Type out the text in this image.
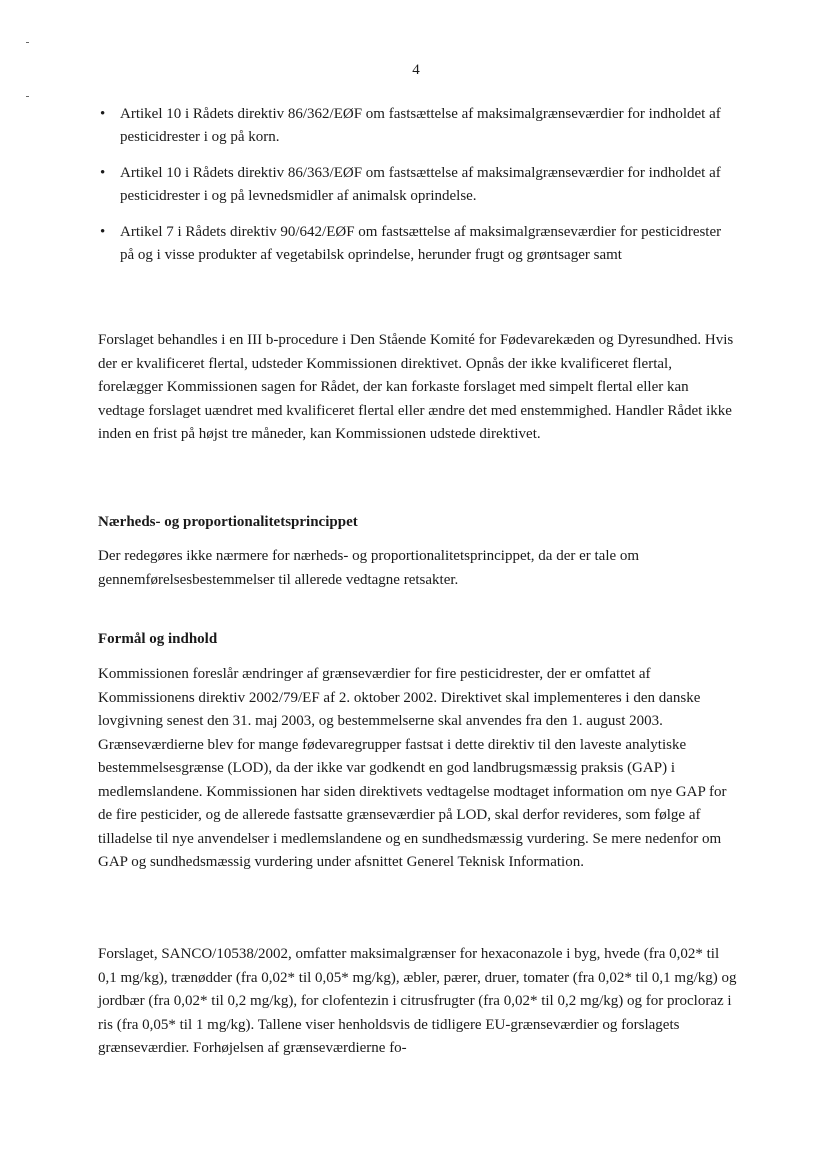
4
• Artikel 10 i Rådets direktiv 86/362/EØF om fastsættelse af maksimalgrænseværdier for indholdet af pesticidrester i og på korn.
• Artikel 10 i Rådets direktiv 86/363/EØF om fastsættelse af maksimalgrænseværdier for indholdet af pesticidrester i og på levnedsmidler af animalsk oprindelse.
• Artikel 7 i Rådets direktiv 90/642/EØF om fastsættelse af maksimalgrænseværdier for pesticidrester på og i visse produkter af vegetabilsk oprindelse, herunder frugt og grøntsager samt

Forslaget behandles i en III b-procedure i Den Stående Komité for Fødevarekæden og Dyresundhed. Hvis der er kvalificeret flertal, udsteder Kommissionen direktivet. Opnås der ikke kvalificeret flertal, forelægger Kommissionen sagen for Rådet, der kan forkaste forslaget med simpelt flertal eller kan vedtage forslaget uændret med kvalificeret flertal eller ændre det med enstemmighed. Handler Rådet ikke inden en frist på højst tre måneder, kan Kommissionen udstede direktivet.

Nærheds- og proportionalitetsprincippet

Der redegøres ikke nærmere for nærheds- og proportionalitetsprincippet, da der er tale om gennemførelsesbestemmelser til allerede vedtagne retsakter.

Formål og indhold

Kommissionen foreslår ændringer af grænseværdier for fire pesticidrester, der er omfattet af Kommissionens direktiv 2002/79/EF af 2. oktober 2002. Direktivet skal implementeres i den danske lovgivning senest den 31. maj 2003, og bestemmelserne skal anvendes fra den 1. august 2003. Grænseværdierne blev for mange fødevaregrupper fastsat i dette direktiv til den laveste analytiske bestemmelsesgrænse (LOD), da der ikke var godkendt en god landbrugsmæssig praksis (GAP) i medlemslandene. Kommissionen har siden direktivets vedtagelse modtaget information om nye GAP for de fire pesticider, og de allerede fastsatte grænseværdier på LOD, skal derfor revideres, som følge af tilladelse til nye anvendelser i medlemslandene og en sundhedsmæssig vurdering. Se mere nedenfor om GAP og sundhedsmæssig vurdering under afsnittet Generel Teknisk Information.

Forslaget, SANCO/10538/2002, omfatter maksimalgrænser for hexaconazole i byg, hvede (fra 0,02* til 0,1 mg/kg), trænødder (fra 0,02* til 0,05* mg/kg), æbler, pærer, druer, tomater (fra 0,02* til 0,1 mg/kg) og jordbær (fra 0,02* til 0,2 mg/kg), for clofentezin i citrusfrugter (fra 0,02* til 0,2 mg/kg) og for procloraz i ris (fra 0,05* til 1 mg/kg). Tallene viser henholdsvis de tidligere EU-grænseværdier og forslagets grænseværdier. Forhøjelsen af grænseværdierne fo-
